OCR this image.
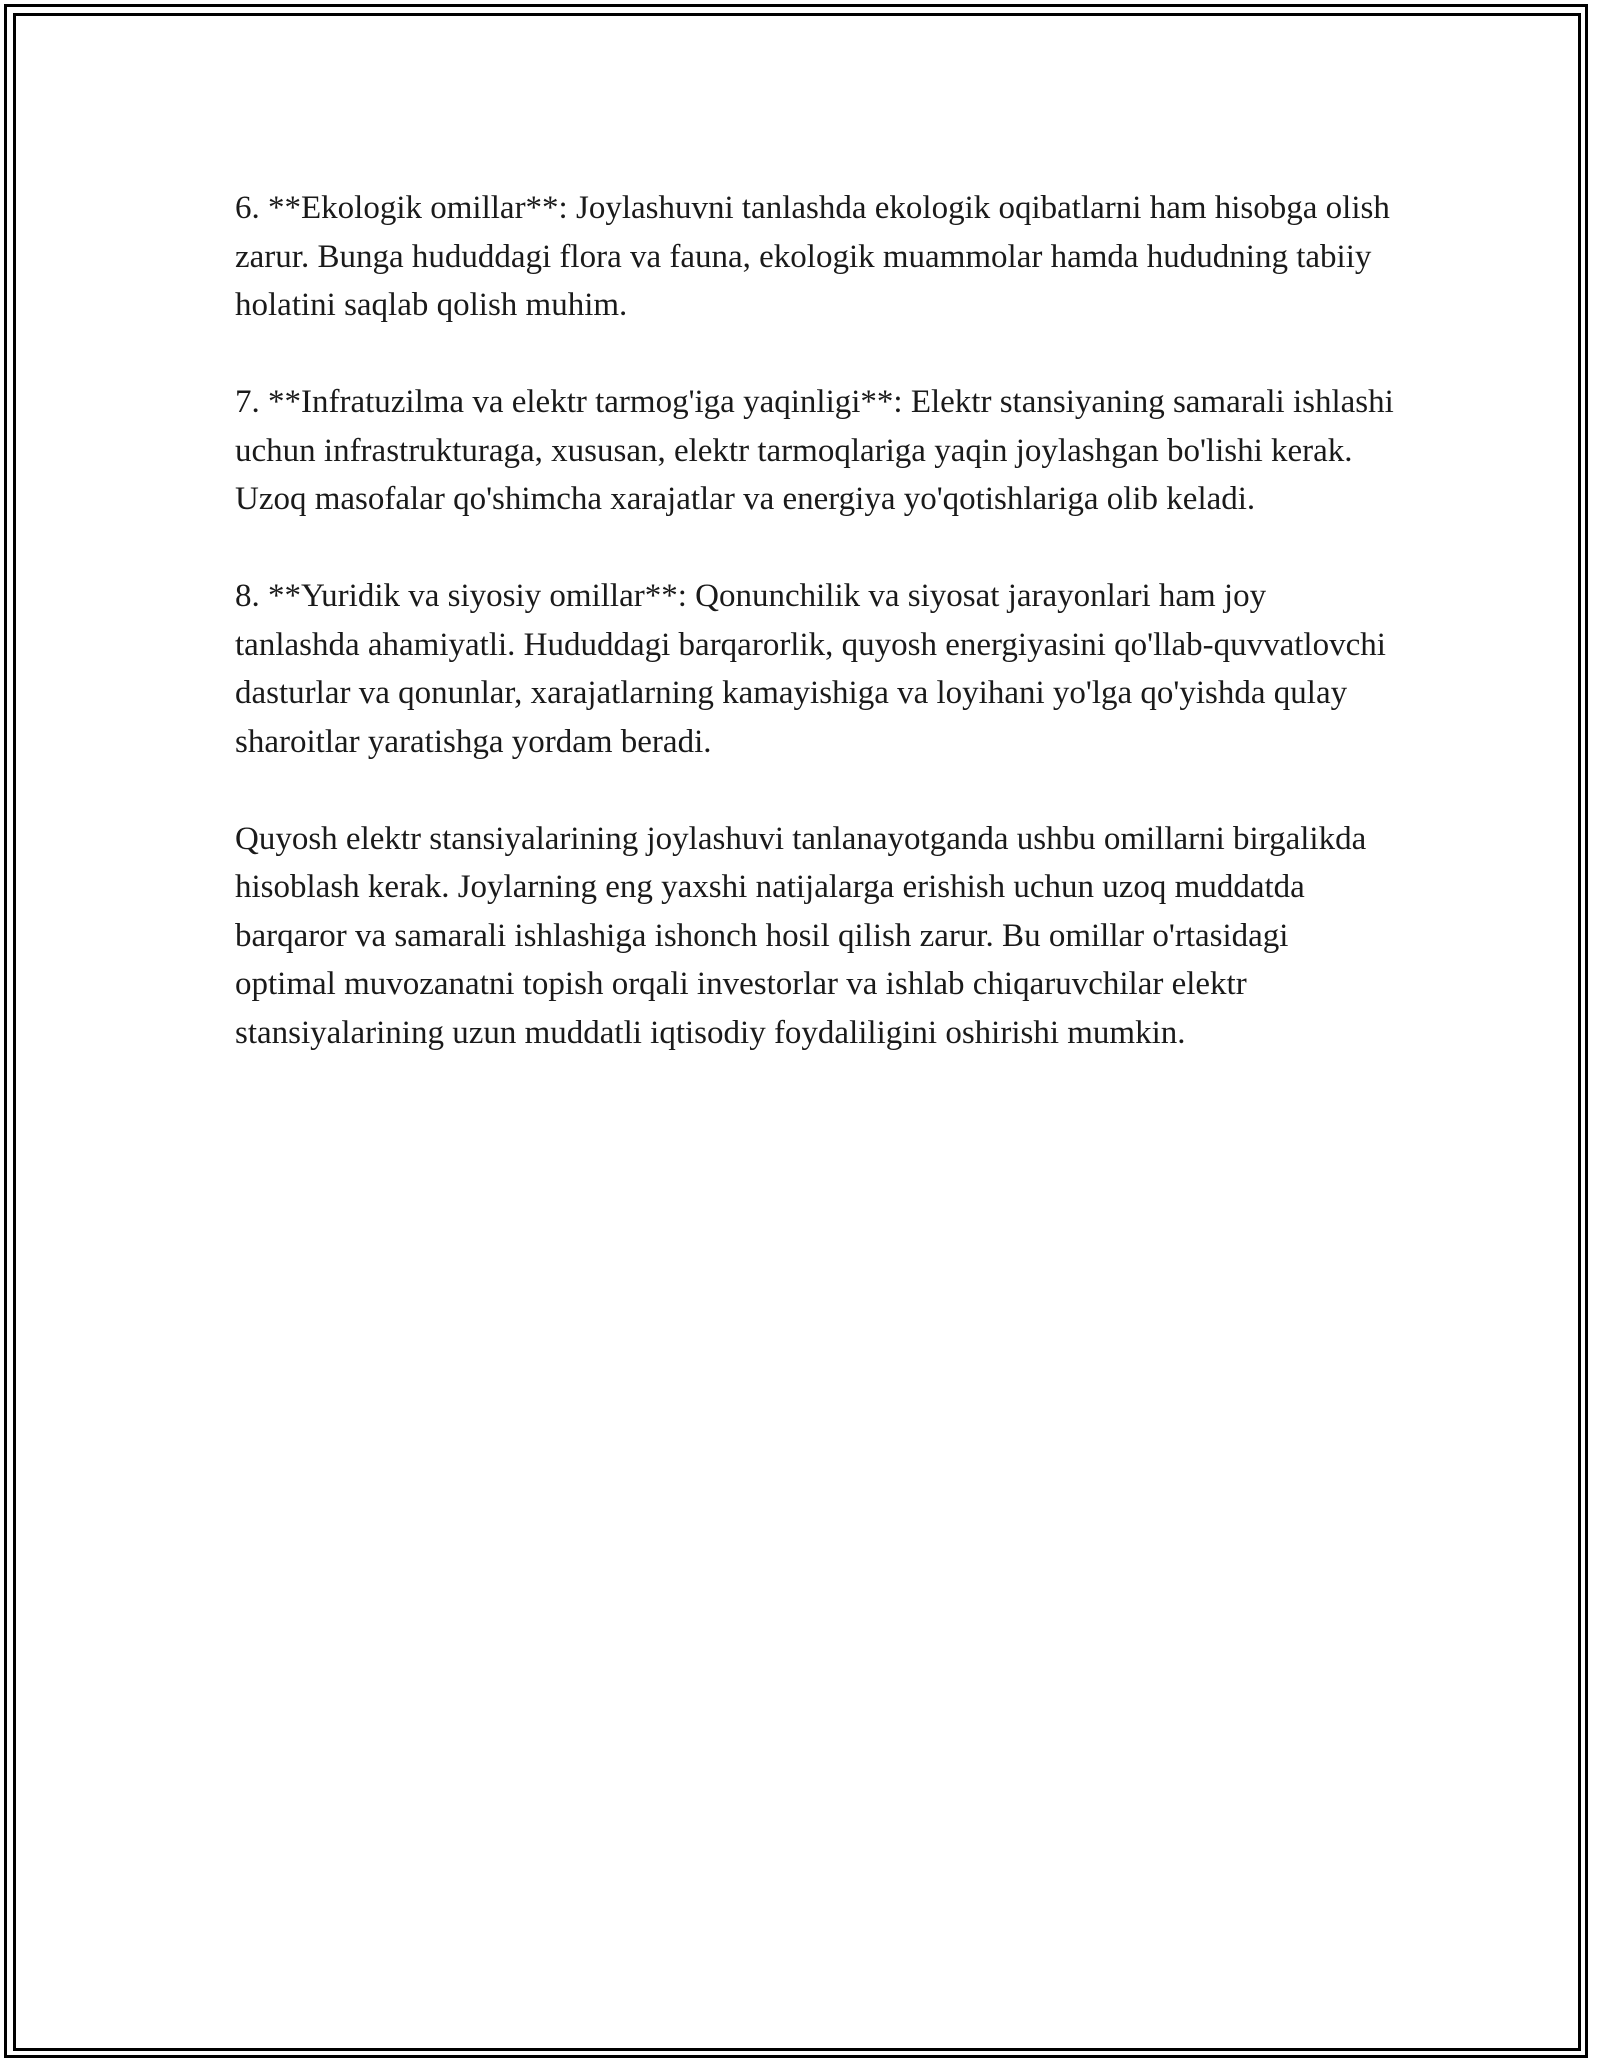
6. **Ekologik omillar**: Joylashuvni tanlashda ekologik oqibatlarni ham hisobga olish zarur. Bunga hududdagi flora va fauna, ekologik muammolar hamda hududning tabiiy holatini saqlab qolish muhim.

7. **Infratuzilma va elektr tarmog'iga yaqinligi**: Elektr stansiyaning samarali ishlashi uchun infrastrukturaga, xususan, elektr tarmoqlariga yaqin joylashgan bo'lishi kerak. Uzoq masofalar qo'shimcha xarajatlar va energiya yo'qotishlariga olib keladi.

8. **Yuridik va siyosiy omillar**: Qonunchilik va siyosat jarayonlari ham joy tanlashda ahamiyatli. Hududdagi barqarorlik, quyosh energiyasini qo'llab-quvvatlovchi dasturlar va qonunlar, xarajatlarning kamayishiga va loyihani yo'lga qo'yishda qulay sharoitlar yaratishga yordam beradi.

Quyosh elektr stansiyalarining joylashuvi tanlanayotganda ushbu omillarni birgalikda hisoblash kerak. Joylarning eng yaxshi natijalarga erishish uchun uzoq muddatda barqaror va samarali ishlashiga ishonch hosil qilish zarur. Bu omillar o'rtasidagi optimal muvozanatni topish orqali investorlar va ishlab chiqaruvchilar elektr stansiyalarining uzun muddatli iqtisodiy foydaliligini oshirishi mumkin.
